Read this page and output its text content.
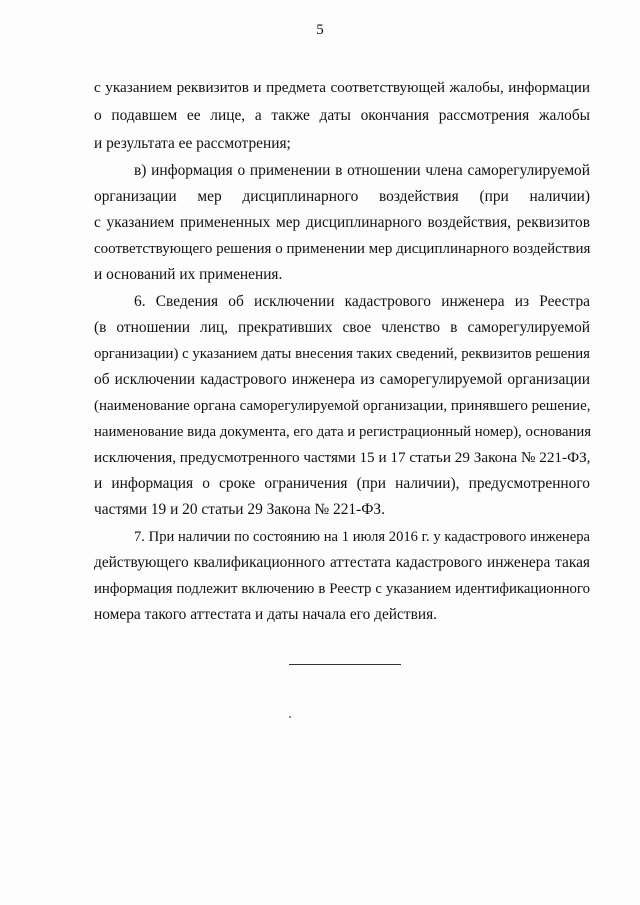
5
с указанием реквизитов и предмета соответствующей жалобы, информации
о подавшем ее лице, а также даты окончания рассмотрения жалобы
и результата ее рассмотрения;
в) информация о применении в отношении члена саморегулируемой
организации мер дисциплинарного воздействия (при наличии)
с указанием примененных мер дисциплинарного воздействия, реквизитов
соответствующего решения о применении мер дисциплинарного воздействия
и оснований их применения.
6. Сведения об исключении кадастрового инженера из Реестра
(в отношении лиц, прекративших свое членство в саморегулируемой
организации) с указанием даты внесения таких сведений, реквизитов решения
об исключении кадастрового инженера из саморегулируемой организации
(наименование органа саморегулируемой организации, принявшего решение,
наименование вида документа, его дата и регистрационный номер), основания
исключения, предусмотренного частями 15 и 17 статьи 29 Закона № 221-ФЗ,
и информация о сроке ограничения (при наличии), предусмотренного
частями 19 и 20 статьи 29 Закона № 221-ФЗ.
7. При наличии по состоянию на 1 июля 2016 г. у кадастрового инженера
действующего квалификационного аттестата кадастрового инженера такая
информация подлежит включению в Реестр с указанием идентификационного
номера такого аттестата и даты начала его действия.
